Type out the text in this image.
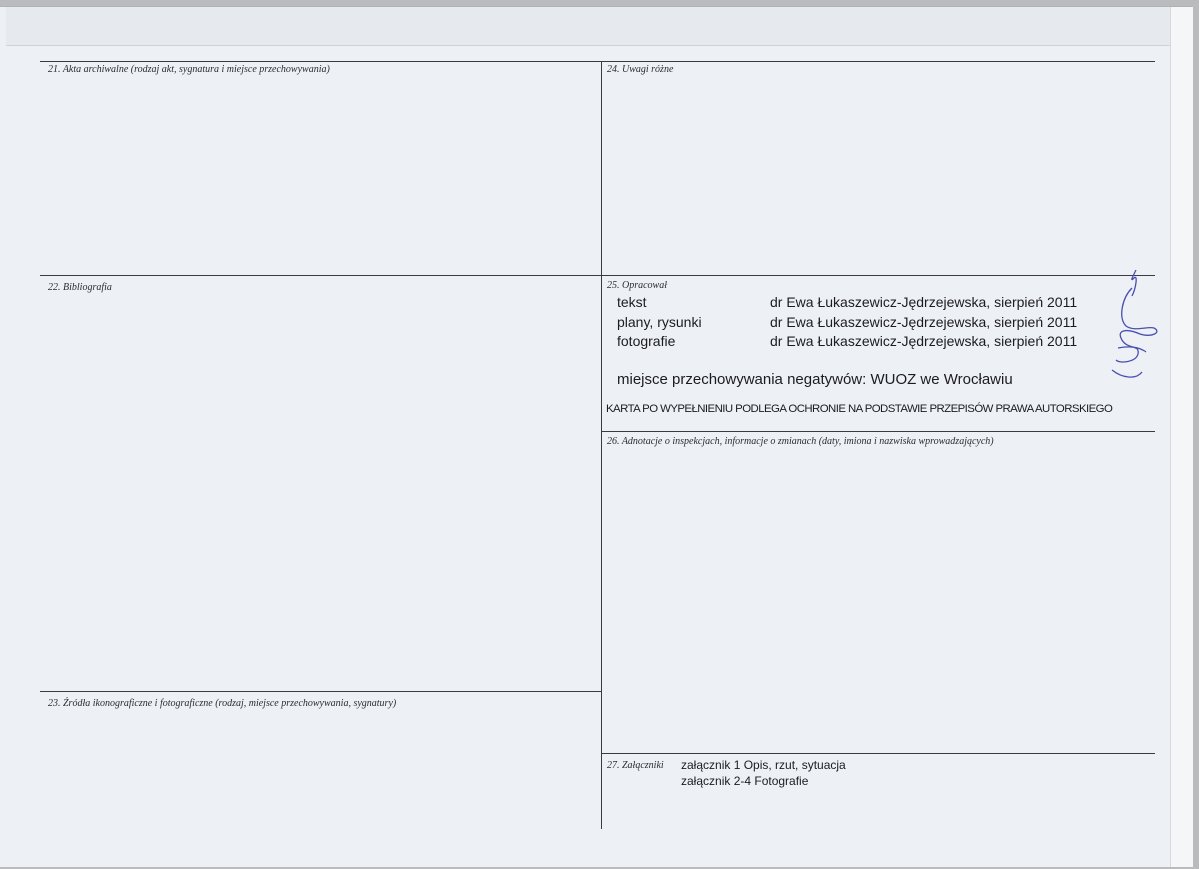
21. Akta archiwalne (rodzaj akt, sygnatura i miejsce przechowywania)	24. Uwagi różne
22. Bibliografia	25. Opracował
26. Adnotacje o inspekcjach, informacje o zmianach (daty, imiona i nazwiska wprowadzających)
23. Źródła ikonograficzne i fotograficzne (rodzaj, miejsce przechowywania, sygnatury)
27. Załączniki
tekst	dr Ewa Łukaszewicz-Jędrzejewska, sierpień 2011
plany, rysunki	dr Ewa Łukaszewicz-Jędrzejewska, sierpień 2011
fotografie	dr Ewa Łukaszewicz-Jędrzejewska, sierpień 2011
miejsce przechowywania negatywów: WUOZ we Wrocławiu
KARTA PO WYPEŁNIENIU PODLEGA OCHRONIE NA PODSTAWIE PRZEPISÓW PRAWA AUTORSKIEGO
załącznik 1 Opis, rzut, sytuacja
załącznik 2-4 Fotografie
